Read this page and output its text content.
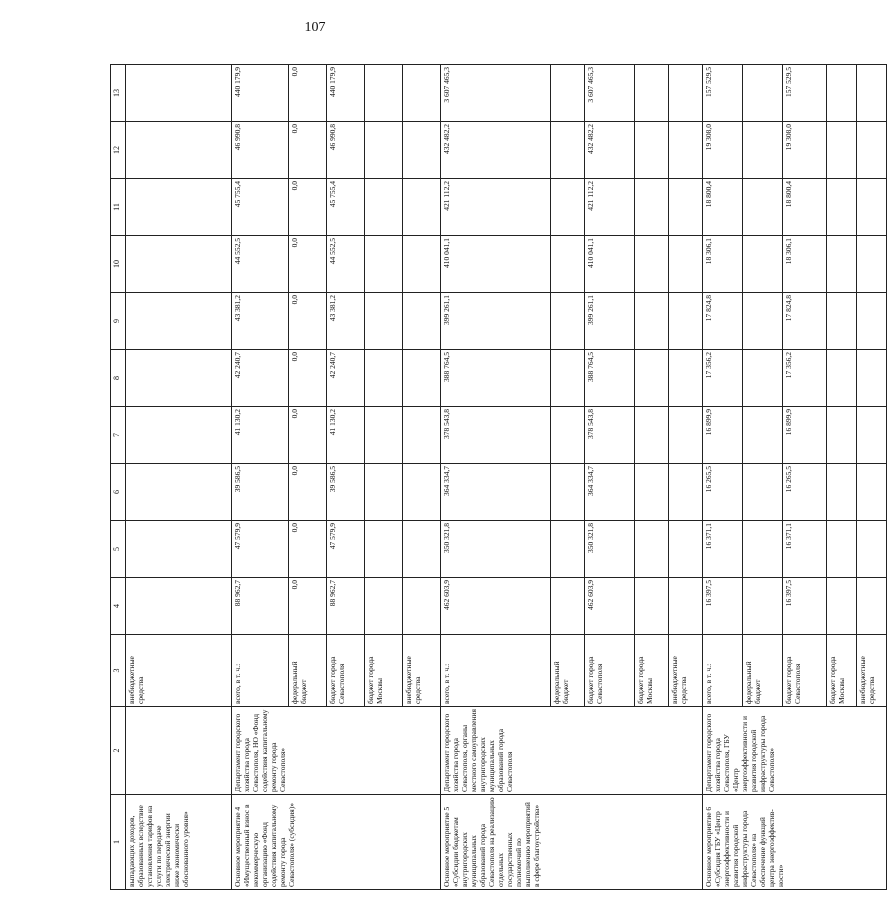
107
1	2	3	4	5	6	7	8	9	10	11	12	13
выпадающих доходов, образованных вследствие установления тарифов на услуги по передаче электрической энергии ниже экономически обоснованного уровня»		внебюджетные средства										
Основное мероприятие 4 «Имущественный взнос в некоммерческую организацию «Фонд содействия капитальному ремонту города Севастополя» (субсидия)»	Департамент городского хозяйства города Севастополя, НО «Фонд содействия капитальному ремонту города Севастополя»	всего, в т. ч.:	88 962,7	47 579,9	39 586,5	41 130,2	42 240,7	43 381,2	44 552,5	45 755,4	46 990,8	440 179,9
		федеральный бюджет	0,0	0,0	0,0	0,0	0,0	0,0	0,0	0,0	0,0	0,0
		бюджет города Севастополя	88 962,7	47 579,9	39 586,5	41 130,2	42 240,7	43 381,2	44 552,5	45 755,4	46 990,8	440 179,9
		бюджет города Москвы										
		внебюджетные средства										
Основное мероприятие 5 «Субсидии бюджетам внутригородских муниципальных образований города Севастополя на реализацию отдельных государственных полномочий по выполнению мероприятий в сфере благоустройства»	Департамент городского хозяйства города Севастополя, органы местного самоуправления внутригородских муниципальных образований города Севастополя	всего, в т. ч.:	462 603,9	350 321,8	364 334,7	378 543,8	388 764,5	399 261,1	410 041,1	421 112,2	432 482,2	3 607 465,3
		федеральный бюджет										
		бюджет города Севастополя	462 603,9	350 321,8	364 334,7	378 543,8	388 764,5	399 261,1	410 041,1	421 112,2	432 482,2	3 607 465,3
		бюджет города Москвы										
		внебюджетные средства										
Основное мероприятие 6 «Субсидия ГБУ «Центр энергоэффективности и развития городской инфраструктуры города Севастополя» на обеспечение функций центра энергоэффектив-ности»	Департамент городского хозяйства города Севастополя, ГБУ «Центр энергоэффективности и развития городской инфраструктуры города Севастополя»	всего, в т. ч.:	16 397,5	16 371,1	16 265,5	16 899,9	17 356,2	17 824,8	18 306,1	18 800,4	19 308,0	157 529,5
		федеральный бюджет										
		бюджет города Севастополя	16 397,5	16 371,1	16 265,5	16 899,9	17 356,2	17 824,8	18 306,1	18 800,4	19 308,0	157 529,5
		бюджет города Москвы										
		внебюджетные средства										
